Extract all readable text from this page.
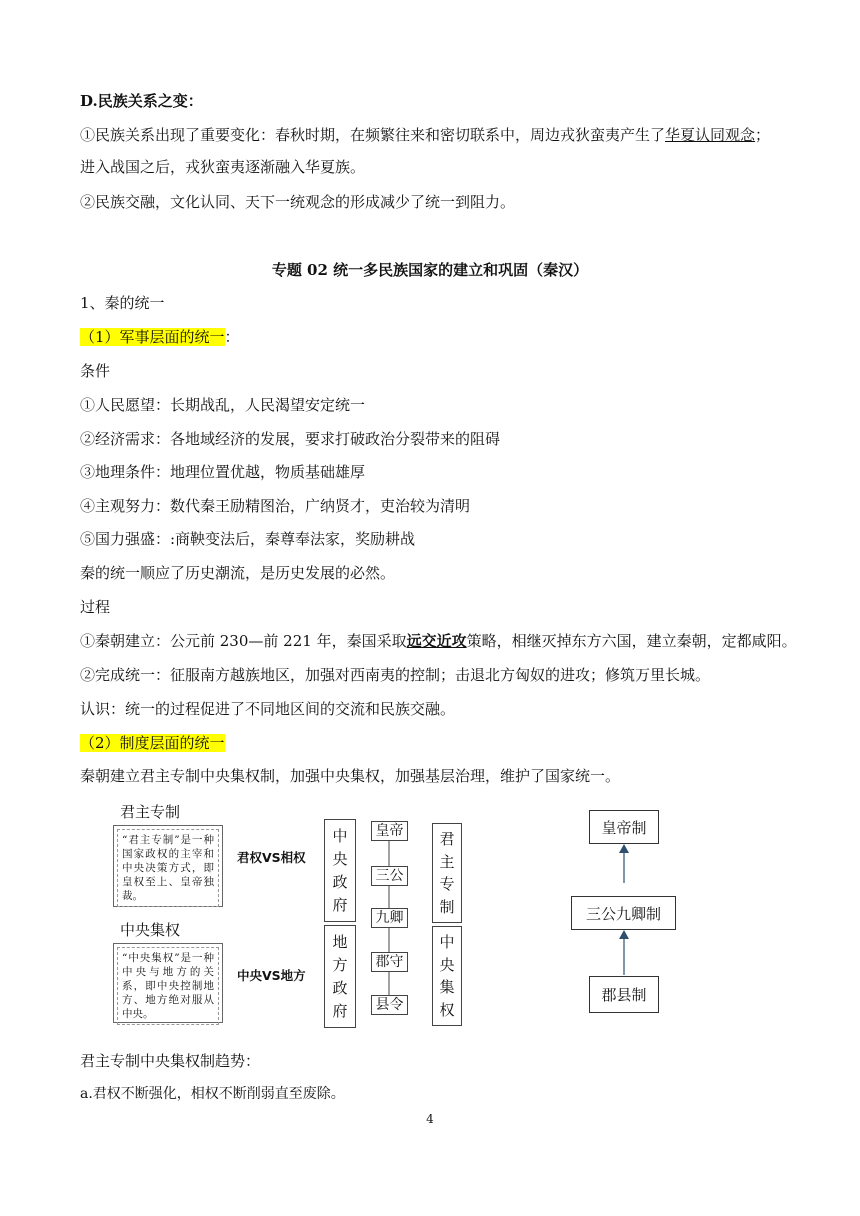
D.民族关系之变：
①民族关系出现了重要变化：春秋时期，在频繁往来和密切联系中，周边戎狄蛮夷产生了华夏认同观念；
进入战国之后，戎狄蛮夷逐渐融入华夏族。
②民族交融，文化认同、天下一统观念的形成减少了统一到阻力。
专题 02 统一多民族国家的建立和巩固（秦汉）
1、秦的统一
（1）军事层面的统一：
条件
①人民愿望：长期战乱，人民渴望安定统一
②经济需求：各地域经济的发展，要求打破政治分裂带来的阻碍
③地理条件：地理位置优越，物质基础雄厚
④主观努力：数代秦王励精图治，广纳贤才，吏治较为清明
⑤国力强盛：:商鞅变法后，秦尊奉法家，奖励耕战
秦的统一顺应了历史潮流，是历史发展的必然。
过程
①秦朝建立：公元前 230—前 221 年，秦国采取远交近攻策略，相继灭掉东方六国，建立秦朝，定都咸阳。
②完成统一：征服南方越族地区，加强对西南夷的控制；击退北方匈奴的进攻；修筑万里长城。
认识：统一的过程促进了不同地区间的交流和民族交融。
（2）制度层面的统一
秦朝建立君主专制中央集权制，加强中央集权，加强基层治理，维护了国家统一。
君主专制
“君主专制”是一种国家政权的主宰和中央决策方式，即皇权至上、皇帝独裁。
中央集权
“中央集权”是一种中央与地方的关系，即中央控制地方、地方绝对服从中央。
君权VS相权
中央VS地方
中
央
政
府
地
方
政
府
皇帝
三公
九卿
郡守
县令
君
主
专
制
中
央
集
权
皇帝制
三公九卿制
郡县制
君主专制中央集权制趋势：
a.君权不断强化，相权不断削弱直至废除。
4
